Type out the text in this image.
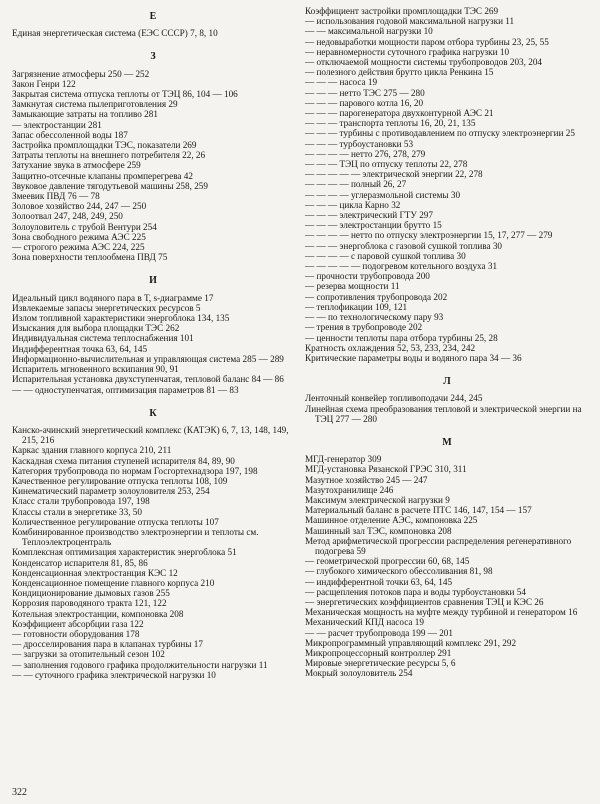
Е
Единая энергетическая система (ЕЭС СССР) 7, 8, 10
З
Загрязнение атмосферы 250 — 252
Закон Генри 122
Закрытая система отпуска теплоты от ТЭЦ 86, 104 — 106
Замкнутая система пылеприготовления 29
Замыкающие затраты на топливо 281
— электростанции 281
Запас обессоленной воды 187
Застройка промплощадки ТЭС, показатели 269
Затраты теплоты на внешнего потребителя 22, 26
Затухание звука в атмосфере 259
Защитно-отсечные клапаны промперегрева 42
Звуковое давление тягодутьевой машины 258, 259
Змеевик ПВД 76 — 78
Золовое хозяйство 244, 247 — 250
Золоотвал 247, 248, 249, 250
Золоуловитель с трубой Вентури 254
Зона свободного режима АЭС 225
— строгого режима АЭС 224, 225
Зона поверхности теплообмена ПВД 75
И
Идеальный цикл водяного пара в T, s-диаграмме 17
Извлекаемые запасы энергетических ресурсов 5
Излом топливной характеристики энергоблока 134, 135
Изыскания для выбора площадки ТЭС 262
Индивидуальная система теплоснабжения 101
Индифферентная точка 63, 64, 145
Информационно-вычислительная и управляющая система 285 — 289
Испаритель мгновенного вскипания 90, 91
Испарительная установка двухступенчатая, тепловой баланс 84 — 86
— — одноступенчатая, оптимизация параметров 81 — 83
К
Канско-ачинский энергетический комплекс (КАТЭК) 6, 7, 13, 148, 149, 215, 216
Каркас здания главного корпуса 210, 211
Каскадная схема питания ступеней испарителя 84, 89, 90
Категория трубопровода по нормам Госгортехнадзора 197, 198
Качественное регулирование отпуска теплоты 108, 109
Кинематический параметр золоуловителя 253, 254
Класс стали трубопровода 197, 198
Классы стали в энергетике 33, 50
Количественное регулирование отпуска теплоты 107
Комбинированное производство электроэнергии и теплоты см. Теплоэлектроцентраль
Комплексная оптимизация характеристик энергоблока 51
Конденсатор испарителя 81, 85, 86
Конденсационная электростанция КЭС 12
Конденсационное помещение главного корпуса 210
Кондиционирование дымовых газов 255
Коррозия пароводяного тракта 121, 122
Котельная электростанции, компоновка 208
Коэффициент абсорбции газа 122
— готовности оборудования 178
— дросселирования пара в клапанах турбины 17
— загрузки за отопительный сезон 102
— заполнения годового графика продолжительности нагрузки 11
— — суточного графика электрической нагрузки 10
Коэффициент застройки промплощадки ТЭС 269
— использования годовой максимальной нагрузки 11
— — максимальной нагрузки 10
— недовыработки мощности паром отбора турбины 23, 25, 55
— неравномерности суточного графика нагрузки 10
— отключаемой мощности системы трубопроводов 203, 204
— полезного действия брутто цикла Ренкина 15
— — — насоса 19
— — — нетто ТЭС 275 — 280
— — — парового котла 16, 20
— — — парогенератора двухконтурной АЭС 21
— — — транспорта теплоты 16, 20, 21, 135
— — — турбины с противодавлением по отпуску электроэнергии 25
— — — турбоустановки 53
— — — — нетто 276, 278, 279
— — — ТЭЦ по отпуску теплоты 22, 278
— — — — — электрической энергии 22, 278
— — — — полный 26, 27
— — — — углеразмольной системы 30
— — — цикла Карно 32
— — — электрический ГТУ 297
— — — электростанции брутто 15
— — — — нетто по отпуску электроэнергии 15, 17, 277 — 279
— — — энергоблока с газовой сушкой топлива 30
— — — — с паровой сушкой топлива 30
— — — — — подогревом котельного воздуха 31
— прочности трубопровода 200
— резерва мощности 11
— сопротивления трубопровода 202
— теплофикации 109, 121
— — по технологическому пару 93
— трения в трубопроводе 202
— ценности теплоты пара отбора турбины 25, 28
Кратность охлаждения 52, 53, 233, 234, 242
Критические параметры воды и водяного пара 34 — 36
Л
Ленточный конвейер топливоподачи 244, 245
Линейная схема преобразования тепловой и электрической энергии на ТЭЦ 277 — 280
М
МГД-генератор 309
МГД-установка Рязанской ГРЭС 310, 311
Мазутное хозяйство 245 — 247
Мазутохранилище 246
Максимум электрической нагрузки 9
Материальный баланс в расчете ПТС 146, 147, 154 — 157
Машинное отделение АЭС, компоновка 225
Машинный зал ТЭС, компоновка 208
Метод арифметической прогрессии распределения регенеративного подогрева 59
— геометрической прогрессии 60, 68, 145
— глубокого химического обессоливания 81, 98
— индифферентной точки 63, 64, 145
— расщепления потоков пара и воды турбоустановки 54
— энергетических коэффициентов сравнения ТЭЦ и КЭС 26
Механическая мощность на муфте между турбиной и генератором 16
Механический КПД насоса 19
— — расчет трубопровода 199 — 201
Микропрограммный управляющий комплекс 291, 292
Микропроцессорный контроллер 291
Мировые энергетические ресурсы 5, 6
Мокрый золоуловитель 254
322
